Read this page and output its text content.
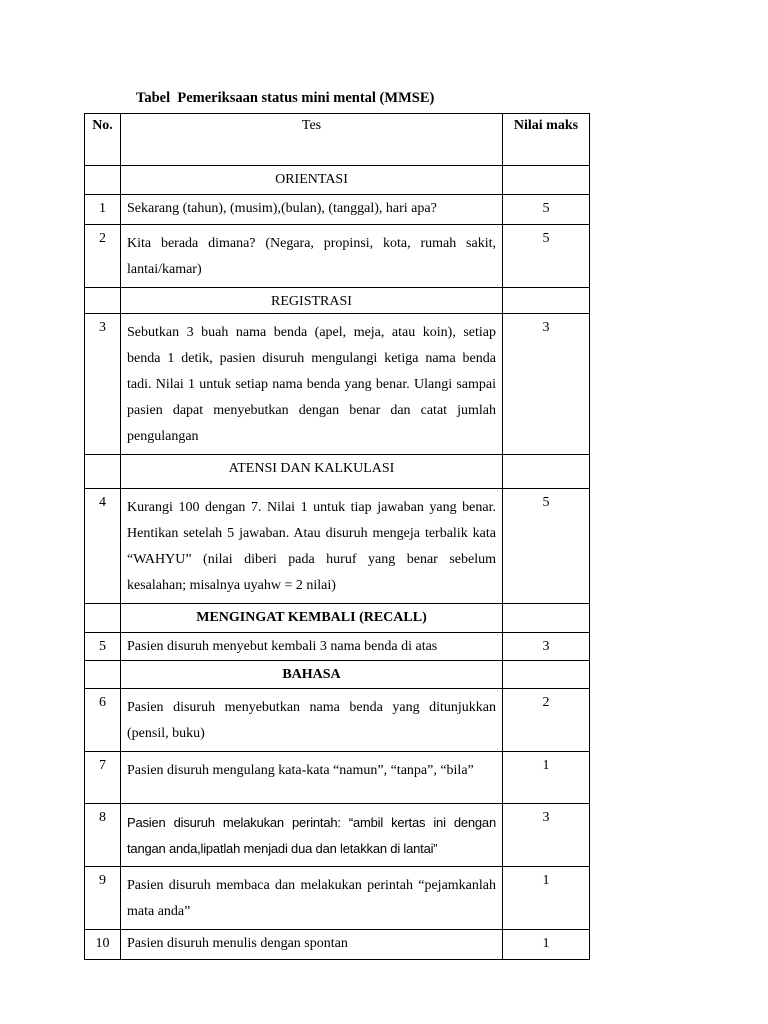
Tabel  Pemeriksaan status mini mental (MMSE)
No.	Tes	Nilai maks
	ORIENTASI	
1	Sekarang (tahun), (musim),(bulan), (tanggal), hari apa?	5
2	Kita berada dimana? (Negara, propinsi, kota, rumah sakit, lantai/kamar)	5
	REGISTRASI	
3	Sebutkan 3 buah nama benda (apel, meja, atau koin), setiap benda 1 detik, pasien disuruh mengulangi ketiga nama benda tadi. Nilai 1 untuk setiap nama benda yang benar. Ulangi sampai pasien dapat menyebutkan dengan benar dan catat jumlah pengulangan	3
	ATENSI DAN KALKULASI	
4	Kurangi 100 dengan 7. Nilai 1 untuk tiap jawaban yang benar. Hentikan setelah 5 jawaban. Atau disuruh mengeja terbalik kata “WAHYU” (nilai diberi pada huruf yang benar sebelum kesalahan; misalnya uyahw = 2 nilai)	5
	MENGINGAT KEMBALI (RECALL)	
5	Pasien disuruh menyebut kembali 3 nama benda di atas	3
	BAHASA	
6	Pasien disuruh menyebutkan nama benda yang ditunjukkan (pensil, buku)	2
7	Pasien disuruh mengulang kata-kata “namun”, “tanpa”, “bila”	1
8	Pasien disuruh melakukan perintah: “ambil kertas ini dengan tangan anda,lipatlah menjadi dua dan letakkan di lantai”	3
9	Pasien disuruh membaca dan melakukan perintah “pejamkanlah mata anda”	1
10	Pasien disuruh menulis dengan spontan	1
